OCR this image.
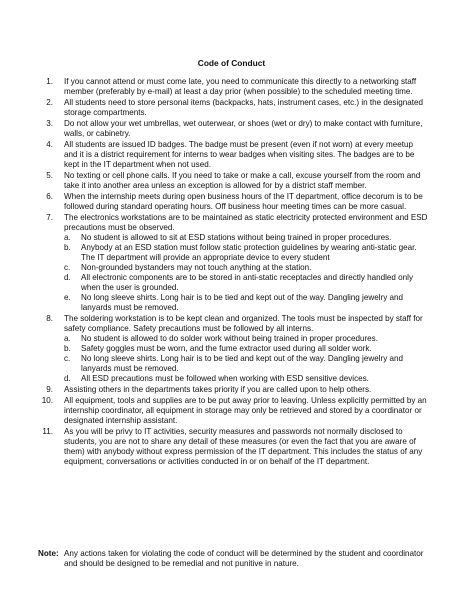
Code of Conduct
1. If you cannot attend or must come late, you need to communicate this directly to a networking staff member (preferably by e-mail) at least a day prior (when possible) to the scheduled meeting time.
2. All students need to store personal items (backpacks, hats, instrument cases, etc.) in the designated storage compartments.
3. Do not allow your wet umbrellas, wet outerwear, or shoes (wet or dry) to make contact with furniture, walls, or cabinetry.
4. All students are issued ID badges. The badge must be present (even if not worn) at every meetup and it is a district requirement for interns to wear badges when visiting sites. The badges are to be kept in the IT department when not used.
5. No texting or cell phone calls. If you need to take or make a call, excuse yourself from the room and take it into another area unless an exception is allowed for by a district staff member.
6. When the internship meets during open business hours of the IT department, office decorum is to be followed during standard operating hours. Off business hour meeting times can be more casual.
7. The electronics workstations are to be maintained as static electricity protected environment and ESD precautions must be observed.
a. No student is allowed to sit at ESD stations without being trained in proper procedures.
b. Anybody at an ESD station must follow static protection guidelines by wearing anti-static gear. The IT department will provide an appropriate device to every student
c. Non-grounded bystanders may not touch anything at the station.
d. All electronic components are to be stored in anti-static receptacles and directly handled only when the user is grounded.
e. No long sleeve shirts. Long hair is to be tied and kept out of the way. Dangling jewelry and lanyards must be removed.
8. The soldering workstation is to be kept clean and organized. The tools must be inspected by staff for safety compliance. Safety precautions must be followed by all interns.
a. No student is allowed to do solder work without being trained in proper procedures.
b. Safety goggles must be worn, and the fume extractor used during all solder work.
c. No long sleeve shirts. Long hair is to be tied and kept out of the way. Dangling jewelry and lanyards must be removed.
d. All ESD precautions must be followed when working with ESD sensitive devices.
9. Assisting others in the departments takes priority if you are called upon to help others.
10. All equipment, tools and supplies are to be put away prior to leaving. Unless explicitly permitted by an internship coordinator, all equipment in storage may only be retrieved and stored by a coordinator or designated internship assistant.
11. As you will be privy to IT activities, security measures and passwords not normally disclosed to students, you are not to share any detail of these measures (or even the fact that you are aware of them) with anybody without express permission of the IT department. This includes the status of any equipment, conversations or activities conducted in or on behalf of the IT department.
Note: Any actions taken for violating the code of conduct will be determined by the student and coordinator and should be designed to be remedial and not punitive in nature.
